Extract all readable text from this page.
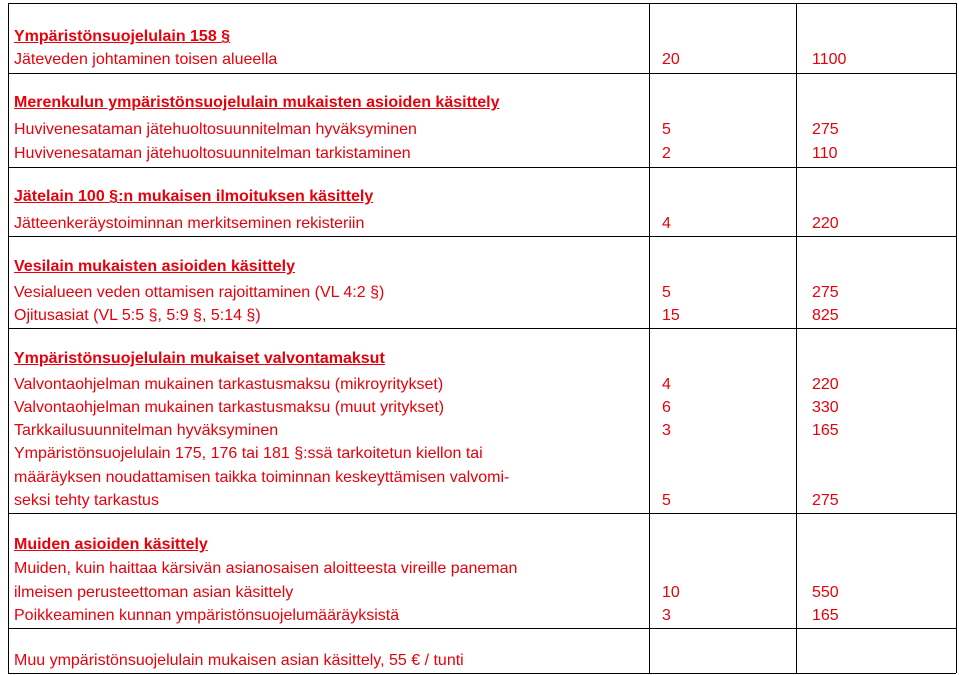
Ympäristönsuojelulain 158 §
Jäteveden johtaminen toisen alueella	20	1100
Merenkulun ympäristönsuojelulain mukaisten asioiden käsittely
Huvivenesataman jätehuoltosuunnitelman hyväksyminen	5	275
Huvivenesataman jätehuoltosuunnitelman tarkistaminen	2	110
Jätelain 100 §:n mukaisen ilmoituksen käsittely
Jätteenkeräystoiminnan merkitseminen rekisteriin	4	220
Vesilain mukaisten asioiden käsittely
Vesialueen veden ottamisen rajoittaminen (VL 4:2 §)	5	275
Ojitusasiat (VL 5:5 §, 5:9 §, 5:14 §)	15	825
Ympäristönsuojelulain mukaiset valvontamaksut
Valvontaohjelman mukainen tarkastusmaksu (mikroyritykset)	4	220
Valvontaohjelman mukainen tarkastusmaksu (muut yritykset)	6	330
Tarkkailusuunnitelman hyväksyminen	3	165
Ympäristönsuojelulain 175, 176 tai 181 §:ssä tarkoitetun kiellon tai
määräyksen noudattamisen taikka toiminnan keskeyttämisen valvomi-
seksi tehty tarkastus	5	275
Muiden asioiden käsittely
Muiden, kuin haittaa kärsivän asianosaisen aloitteesta vireille paneman
ilmeisen perusteettoman asian käsittely	10	550
Poikkeaminen kunnan ympäristönsuojelumääräyksistä	3	165
Muu ympäristönsuojelulain mukaisen asian käsittely, 55 € / tunti
